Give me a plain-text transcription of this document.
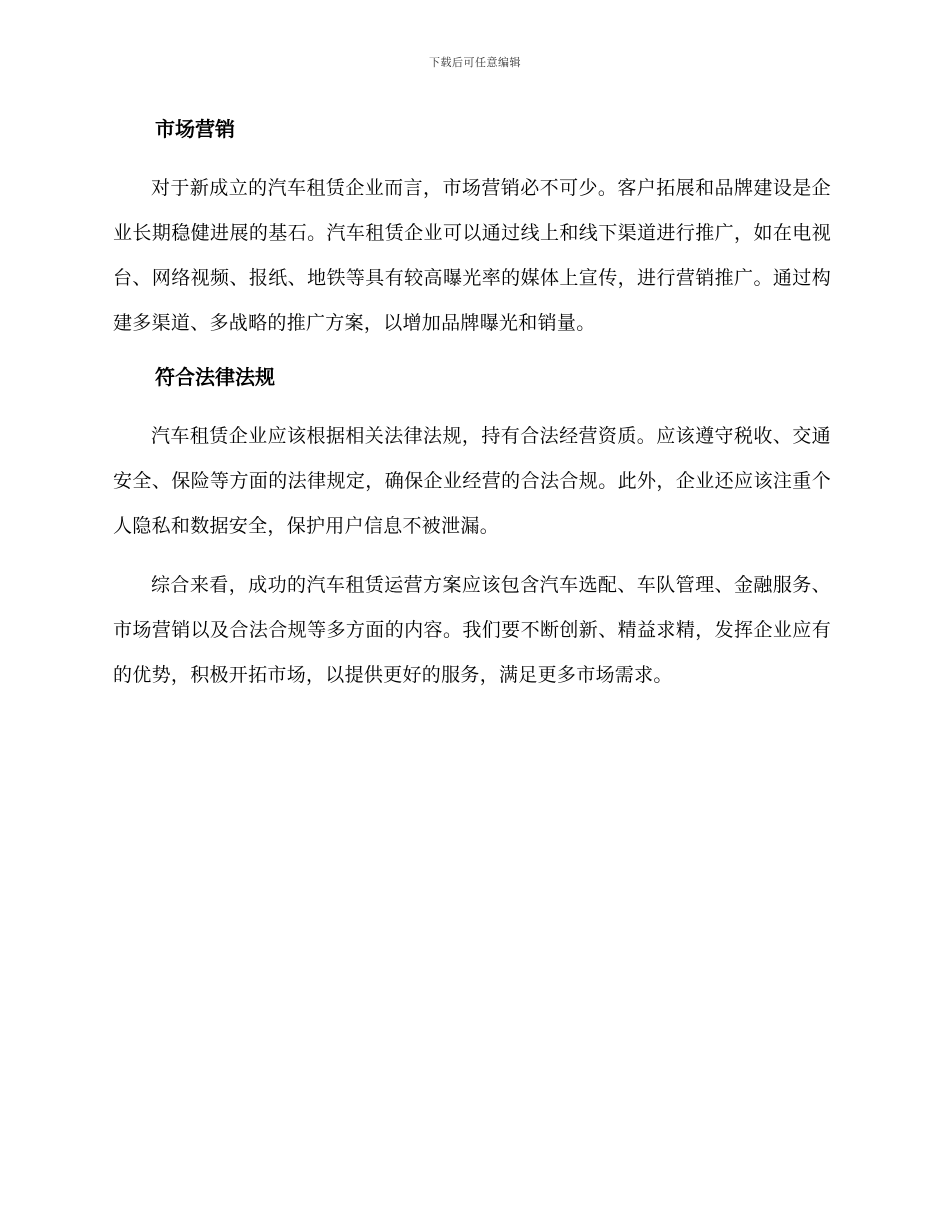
下载后可任意编辑
市场营销

对于新成立的汽车租赁企业而言，市场营销必不可少。客户拓展和品牌建设是企业长期稳健进展的基石。汽车租赁企业可以通过线上和线下渠道进行推广，如在电视台、网络视频、报纸、地铁等具有较高曝光率的媒体上宣传，进行营销推广。通过构建多渠道、多战略的推广方案，以增加品牌曝光和销量。

符合法律法规

汽车租赁企业应该根据相关法律法规，持有合法经营资质。应该遵守税收、交通安全、保险等方面的法律规定，确保企业经营的合法合规。此外，企业还应该注重个人隐私和数据安全，保护用户信息不被泄漏。

综合来看，成功的汽车租赁运营方案应该包含汽车选配、车队管理、金融服务、市场营销以及合法合规等多方面的内容。我们要不断创新、精益求精，发挥企业应有的优势，积极开拓市场，以提供更好的服务，满足更多市场需求。
